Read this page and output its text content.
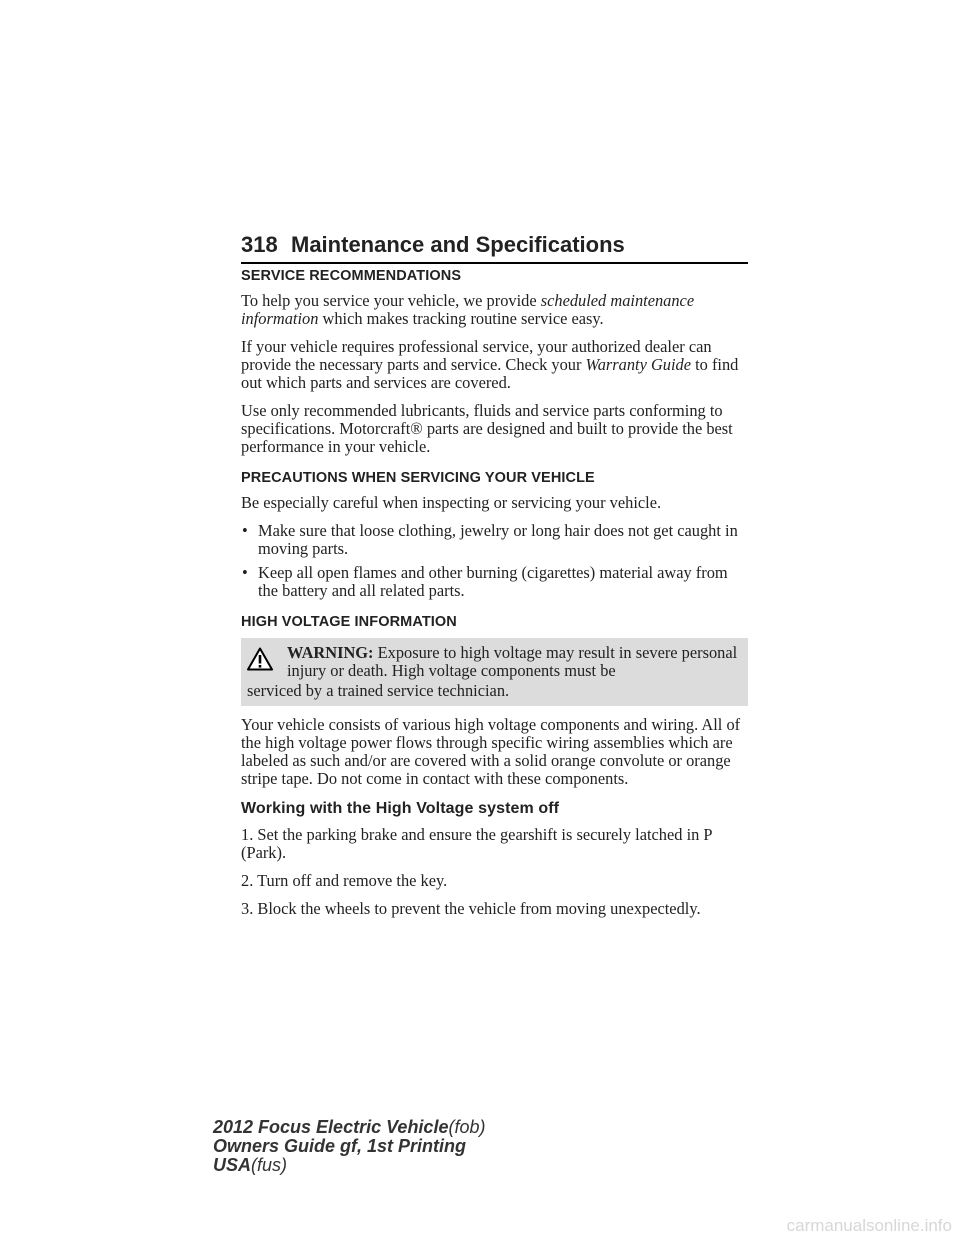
318 Maintenance and Specifications
SERVICE RECOMMENDATIONS

To help you service your vehicle, we provide scheduled maintenance information which makes tracking routine service easy.

If your vehicle requires professional service, your authorized dealer can provide the necessary parts and service. Check your Warranty Guide to find out which parts and services are covered.

Use only recommended lubricants, fluids and service parts conforming to specifications. Motorcraft® parts are designed and built to provide the best performance in your vehicle.

PRECAUTIONS WHEN SERVICING YOUR VEHICLE

Be especially careful when inspecting or servicing your vehicle.

• Make sure that loose clothing, jewelry or long hair does not get caught in moving parts.
• Keep all open flames and other burning (cigarettes) material away from the battery and all related parts.
HIGH VOLTAGE INFORMATION

WARNING: Exposure to high voltage may result in severe personal injury or death. High voltage components must be

serviced by a trained service technician.

Your vehicle consists of various high voltage components and wiring. All of the high voltage power flows through specific wiring assemblies which are labeled as such and/or are covered with a solid orange convolute or orange stripe tape. Do not come in contact with these components.

Working with the High Voltage system off

1. Set the parking brake and ensure the gearshift is securely latched in P (Park).

2. Turn off and remove the key.

3. Block the wheels to prevent the vehicle from moving unexpectedly.

2012 Focus Electric Vehicle(fob)
Owners Guide gf, 1st Printing
USA(fus)
carmanualsonline.info
